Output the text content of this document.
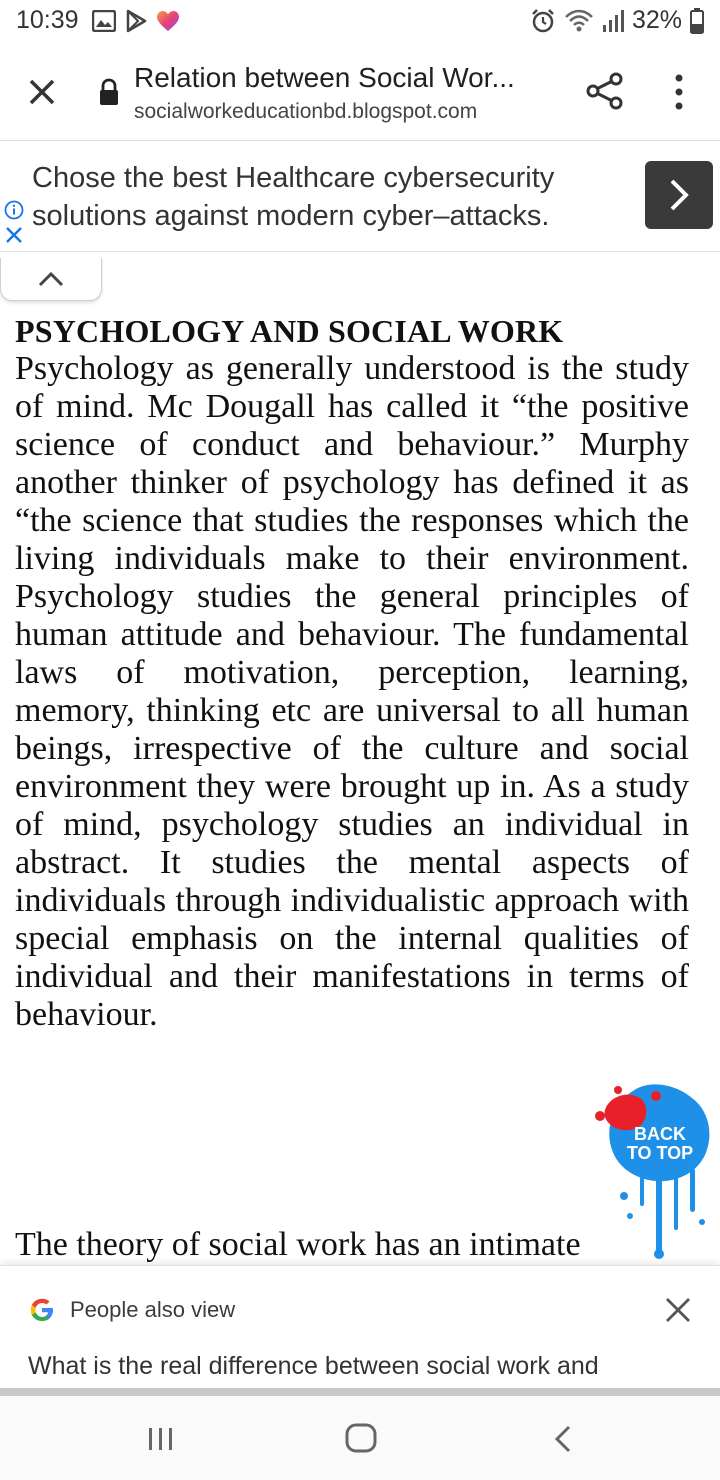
10:39	32%
Relation between Social Wor...
socialworkeducationbd.blogspot.com
Chose the best Healthcare cybersecurity solutions against modern cyber–attacks.
PSYCHOLOGY AND SOCIAL WORK

Psychology as generally understood is the study of mind. Mc Dougall has called it “the positive science of conduct and behaviour.” Murphy another thinker of psychology has defined it as “the science that studies the responses which the living individuals make to their environment. Psychology studies the general principles of human attitude and behaviour. The fundamental laws of motivation, perception, learning, memory, thinking etc are universal to all human beings, irrespective of the culture and social environment they were brought up in. As a study of mind, psychology studies an individual in abstract. It studies the mental aspects of individuals through individualistic approach with special emphasis on the internal qualities of individual and their manifestations in terms of behaviour.

The theory of social work has an intimate
BACK TO TOP
People also view
What is the real difference between social work and
